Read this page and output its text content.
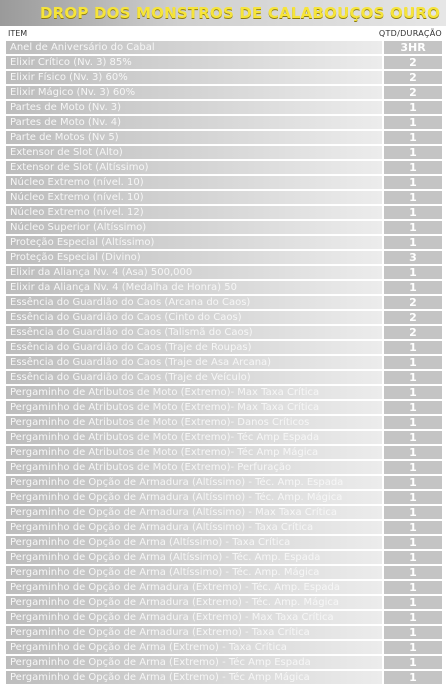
DROP DOS MONSTROS DE CALABOUÇOS OURO
ITEM	QTD/DURAÇÃO
Anel de Aniversário do Cabal	3HR
Elixir Crítico (Nv. 3) 85%	2
Elixir Físico (Nv. 3) 60%	2
Elixir Mágico (Nv. 3) 60%	2
Partes de Moto (Nv. 3)	1
Partes de Moto (Nv. 4)	1
Parte de Motos (Nv 5)	1
Extensor de Slot (Alto)	1
Extensor de Slot (Altíssimo)	1
Núcleo Extremo (nível. 10)	1
Núcleo Extremo (nível. 10)	1
Núcleo Extremo (nível. 12)	1
Núcleo Superior (Altíssimo)	1
Proteção Especial (Altíssimo)	1
Proteção Especial (Divino)	3
Elixir da Aliança Nv. 4 (Asa) 500,000	1
Elixir da Aliança Nv. 4 (Medalha de Honra) 50	1
Essência do Guardião do Caos (Arcana do Caos)	2
Essência do Guardião do Caos (Cinto do Caos)	2
Essência do Guardião do Caos (Talismã do Caos)	2
Essência do Guardião do Caos (Traje de Roupas)	1
Essência do Guardião do Caos (Traje de Asa Arcana)	1
Essência do Guardião do Caos (Traje de Veículo)	1
Pergaminho de Atributos de Moto (Extremo)- Max Taxa Crítica	1
Pergaminho de Atributos de Moto (Extremo)- Max Taxa Crítica	1
Pergaminho de Atributos de Moto (Extremo)- Danos Críticos	1
Pergaminho de Atributos de Moto (Extremo)- Téc Amp Espada	1
Pergaminho de Atributos de Moto (Extremo)- Téc Amp Mágica	1
Pergaminho de Atributos de Moto (Extremo)- Perfuração	1
Pergaminho de Opção de Armadura (Altíssimo) - Téc. Amp. Espada	1
Pergaminho de Opção de Armadura (Altíssimo) - Téc. Amp. Mágica	1
Pergaminho de Opção de Armadura (Altíssimo) - Max Taxa Crítica	1
Pergaminho de Opção de Armadura (Altíssimo) - Taxa Crítica	1
Pergaminho de Opção de Arma (Altíssimo) - Taxa Crítica	1
Pergaminho de Opção de Arma (Altíssimo) - Téc. Amp. Espada	1
Pergaminho de Opção de Arma (Altíssimo) - Téc. Amp. Mágica	1
Pergaminho de Opção de Armadura (Extremo) - Téc. Amp. Espada	1
Pergaminho de Opção de Armadura (Extremo) - Téc. Amp. Mágica	1
Pergaminho de Opção de Armadura (Extremo) - Max Taxa Crítica	1
Pergaminho de Opção de Armadura (Extremo) - Taxa Crítica	1
Pergaminho de Opção de Arma (Extremo) - Taxa Crítica	1
Pergaminho de Opção de Arma (Extremo) - Téc Amp Espada	1
Pergaminho de Opção de Arma (Extremo) - Téc Amp Mágica	1
